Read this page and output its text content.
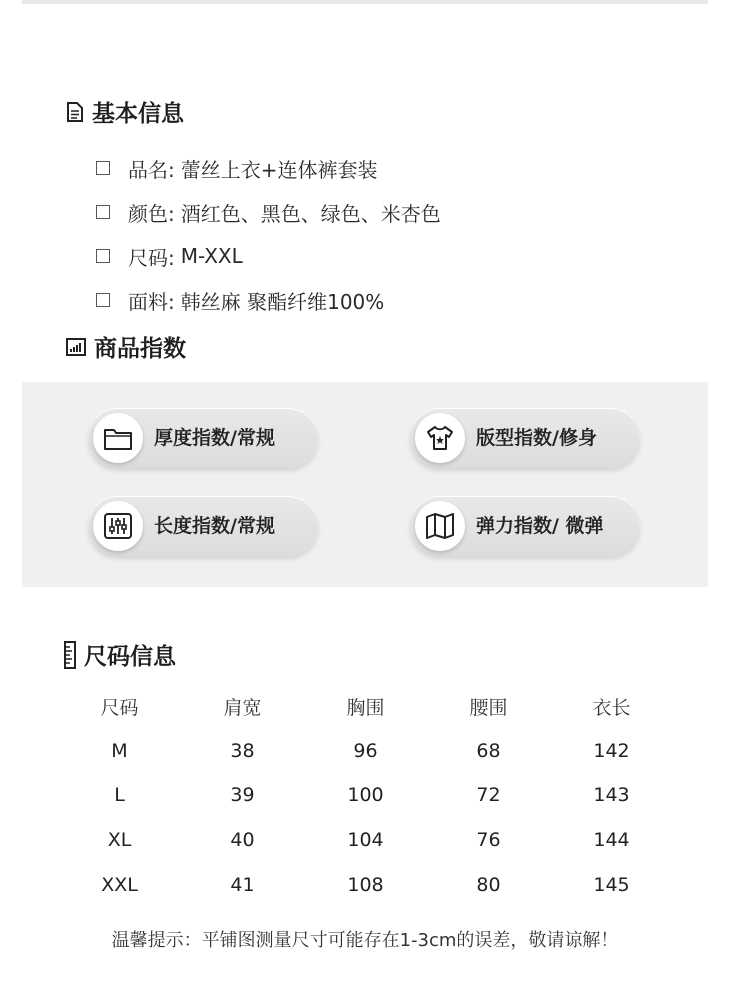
基本信息
品名: 蕾丝上衣+连体裤套装
颜色: 酒红色、黑色、绿色、米杏色
尺码: M-XXL
面料: 韩丝麻 聚酯纤维100%
商品指数
厚度指数/常规	版型指数/修身
长度指数/常规	弹力指数/ 微弹
尺码信息
尺码	肩宽	胸围	腰围	衣长
M	38	96	68	142
L	39	100	72	143
XL	40	104	76	144
XXL	41	108	80	145
温馨提示：平铺图测量尺寸可能存在1-3cm的误差，敬请谅解！
